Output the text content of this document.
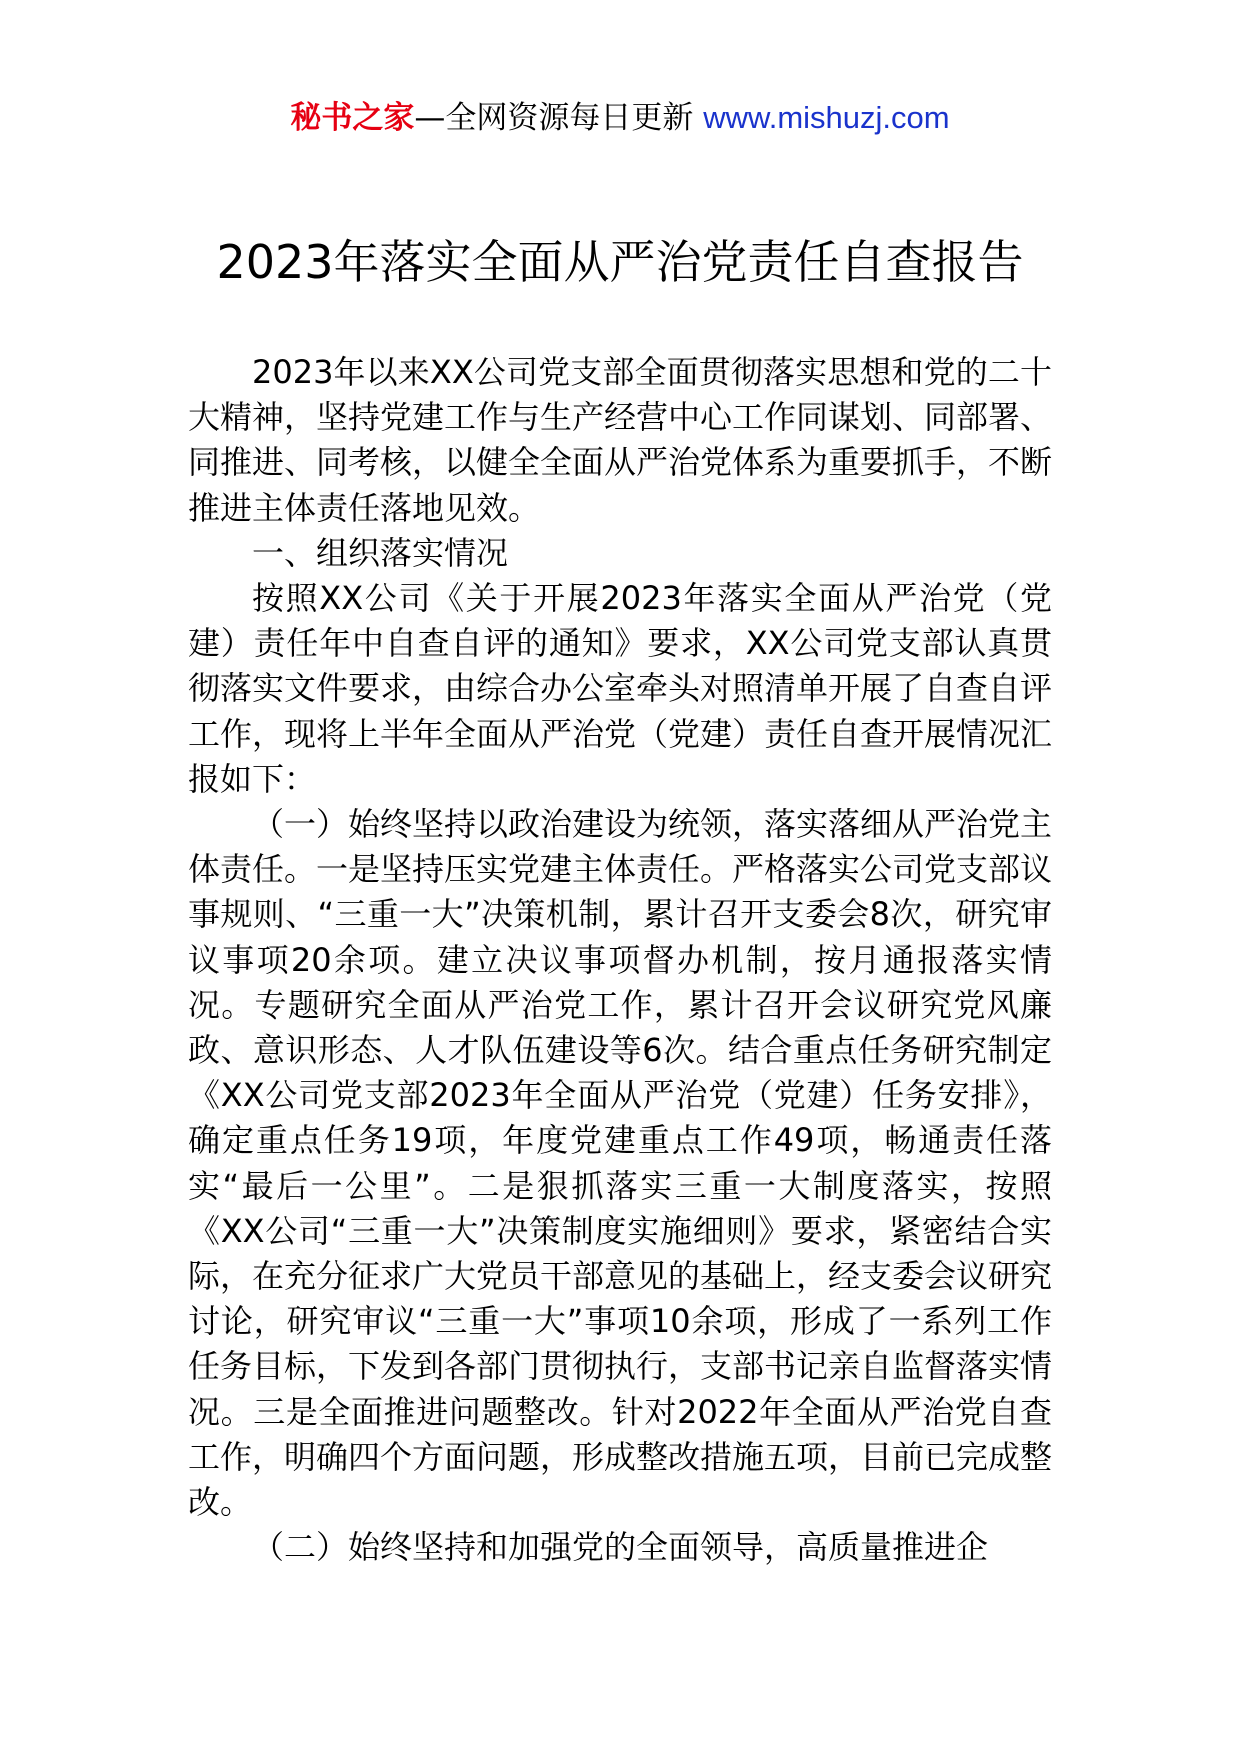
秘书之家—全网资源每日更新 www.mishuzj.com
2023年落实全面从严治党责任自查报告

2023年以来XX公司党支部全面贯彻落实思想和党的二十大精神，坚持党建工作与生产经营中心工作同谋划、同部署、同推进、同考核，以健全全面从严治党体系为重要抓手，不断推进主体责任落地见效。

一、组织落实情况

按照XX公司《关于开展2023年落实全面从严治党（党建）责任年中自查自评的通知》要求，XX公司党支部认真贯彻落实文件要求，由综合办公室牵头对照清单开展了自查自评工作，现将上半年全面从严治党（党建）责任自查开展情况汇报如下：

（一）始终坚持以政治建设为统领，落实落细从严治党主体责任。一是坚持压实党建主体责任。严格落实公司党支部议事规则、“三重一大”决策机制，累计召开支委会8次，研究审议事项20余项。建立决议事项督办机制，按月通报落实情况。专题研究全面从严治党工作，累计召开会议研究党风廉政、意识形态、人才队伍建设等6次。结合重点任务研究制定《XX公司党支部2023年全面从严治党（党建）任务安排》，确定重点任务19项，年度党建重点工作49项，畅通责任落实“最后一公里”。二是狠抓落实三重一大制度落实，按照《XX公司“三重一大”决策制度实施细则》要求，紧密结合实际，在充分征求广大党员干部意见的基础上，经支委会议研究讨论，研究审议“三重一大”事项10余项，形成了一系列工作任务目标，下发到各部门贯彻执行，支部书记亲自监督落实情况。三是全面推进问题整改。针对2022年全面从严治党自查工作，明确四个方面问题，形成整改措施五项，目前已完成整改。

（二）始终坚持和加强党的全面领导，高质量推进企
